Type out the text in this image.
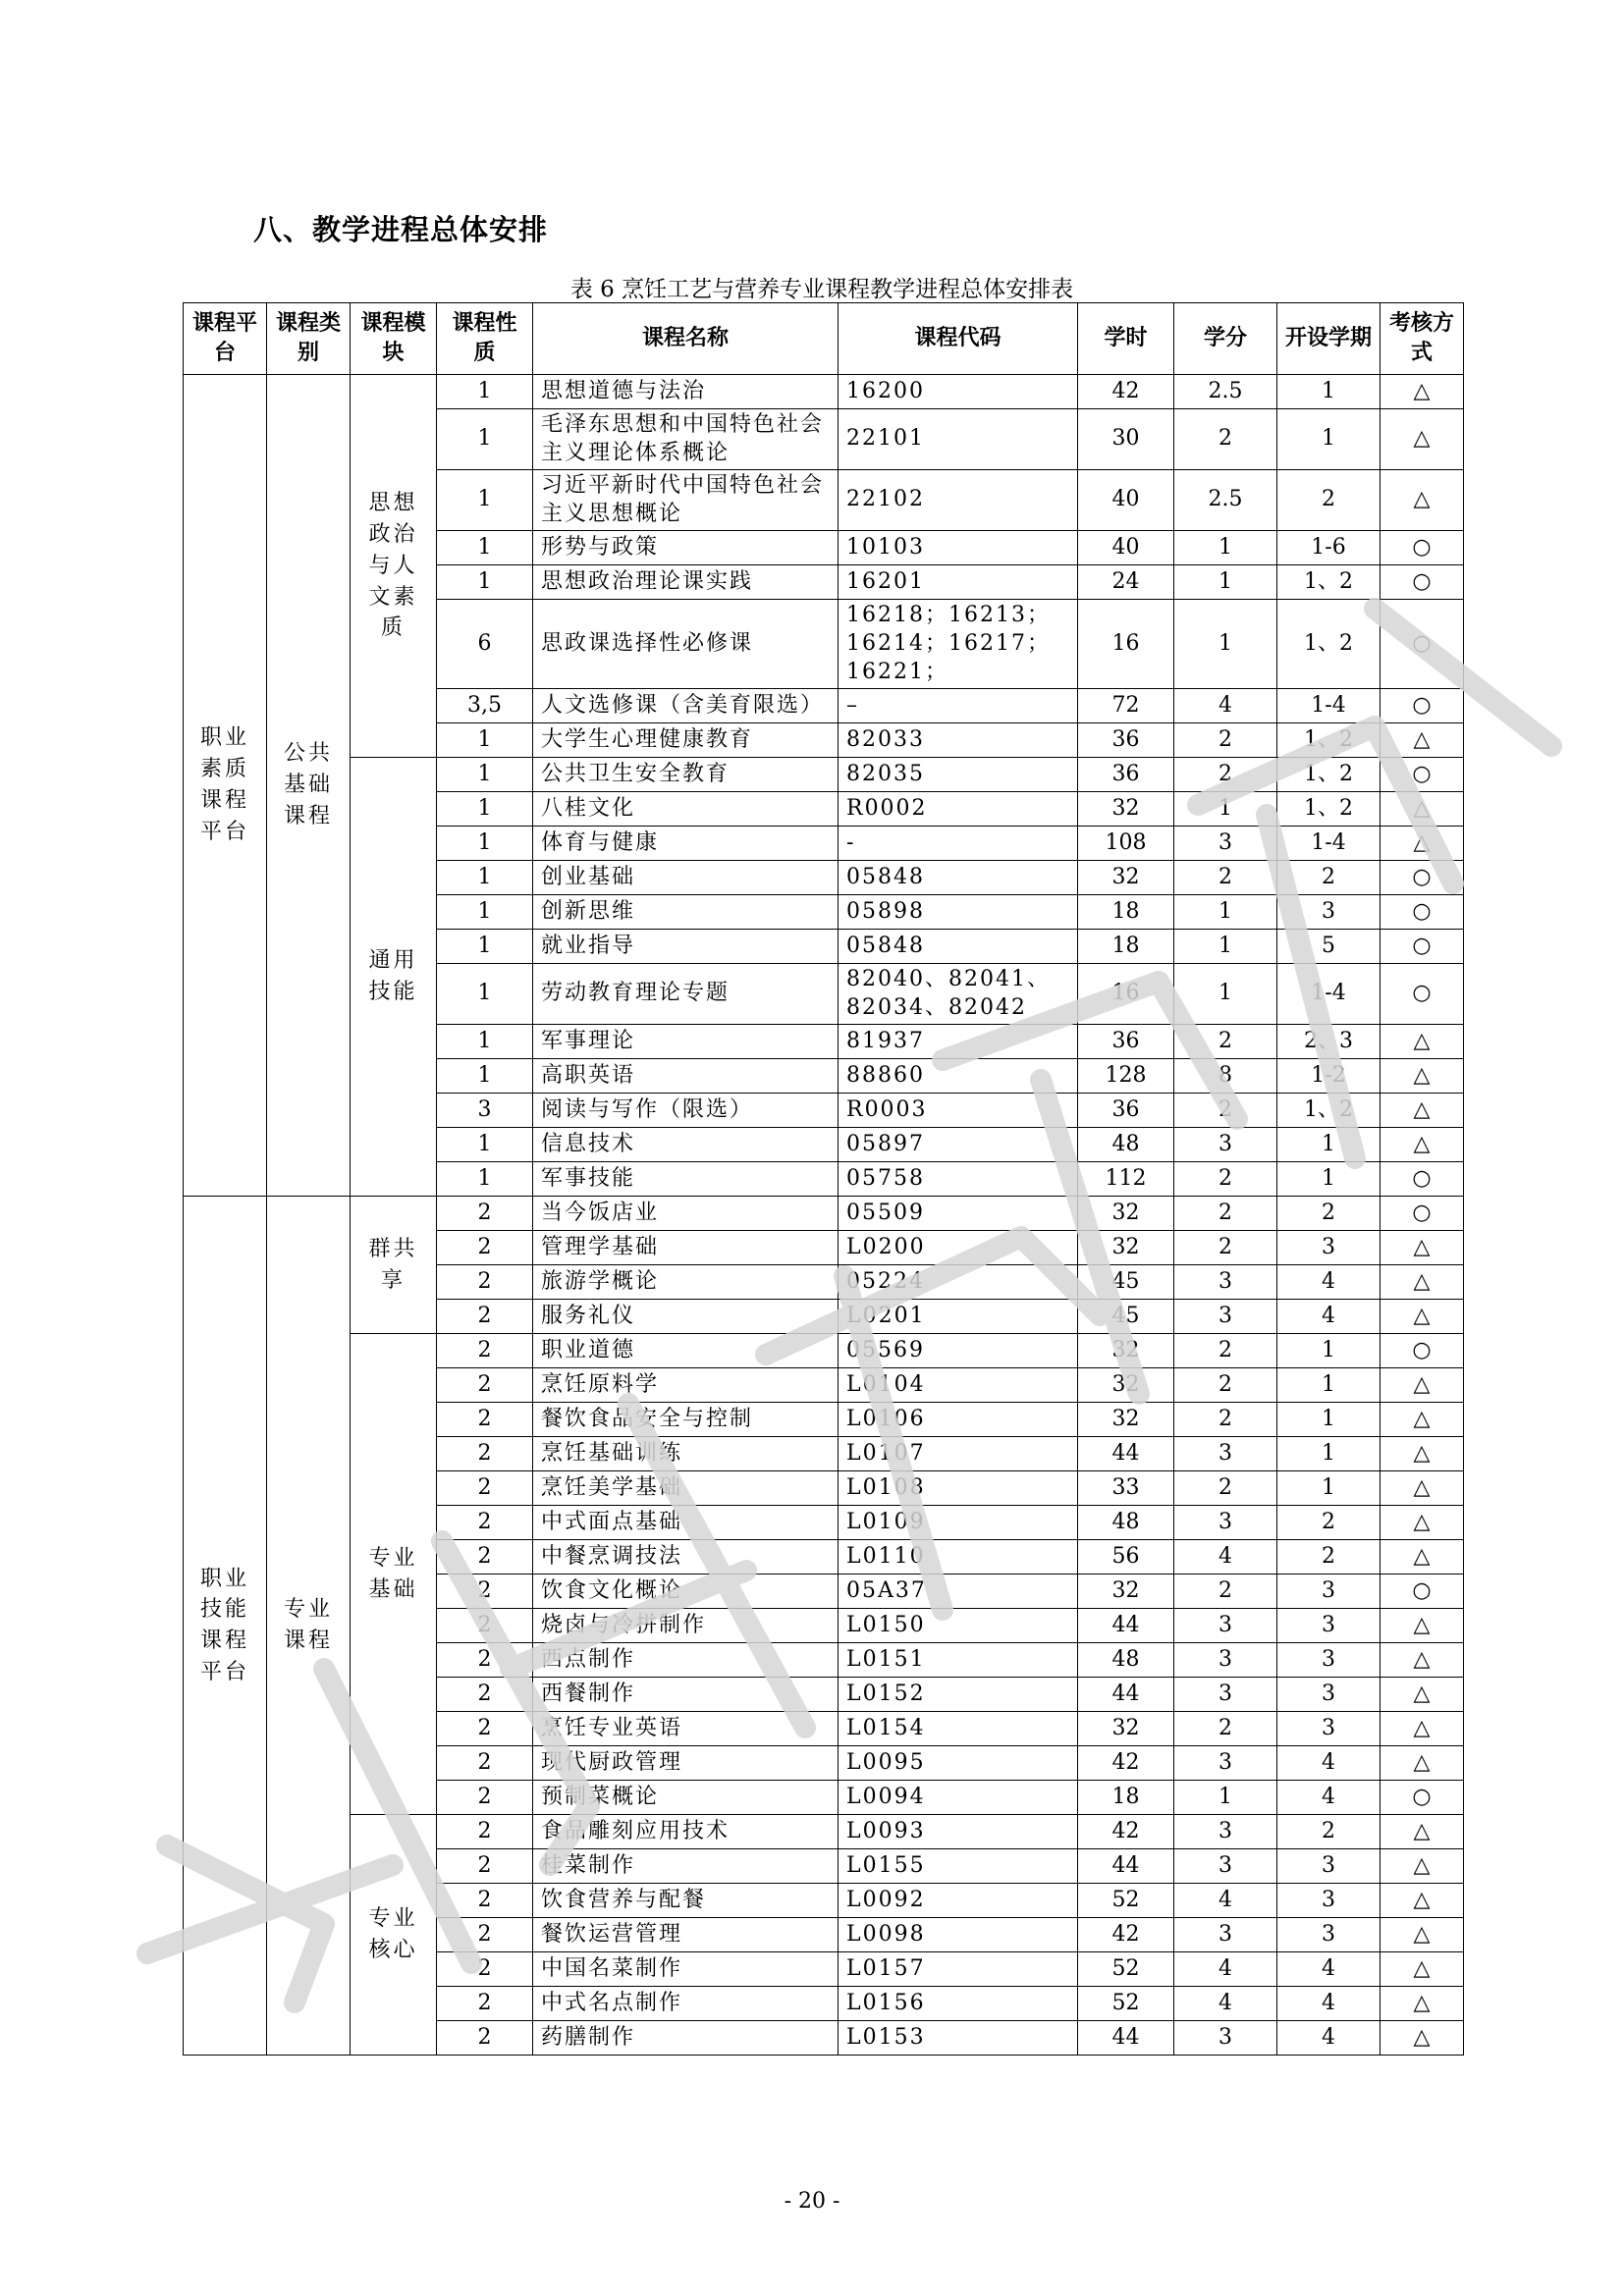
八、教学进程总体安排
表 6 烹饪工艺与营养专业课程教学进程总体安排表
课程平台	课程类别	课程模块	课程性质	课程名称	课程代码	学时	学分	开设学期	考核方式
职业素质课程平台	公共基础课程	思想政治与人文素质	1	思想道德与法治	16200	42	2.5	1	△
			1	毛泽东思想和中国特色社会主义理论体系概论	22101	30	2	1	△
			1	习近平新时代中国特色社会主义思想概论	22102	40	2.5	2	△
			1	形势与政策	10103	40	1	1-6	○
			1	思想政治理论课实践	16201	24	1	1、2	○
			6	思政课选择性必修课	16218；16213；16214；16217；16221；	16	1	1、2	○
			3,5	人文选修课（含美育限选）	–	72	4	1-4	○
			1	大学生心理健康教育	82033	36	2	1、2	△
		通用技能	1	公共卫生安全教育	82035	36	2	1、2	○
			1	八桂文化	R0002	32	1	1、2	△
			1	体育与健康	-	108	3	1-4	△
			1	创业基础	05848	32	2	2	○
			1	创新思维	05898	18	1	3	○
			1	就业指导	05848	18	1	5	○
			1	劳动教育理论专题	82040、82041、82034、82042	16	1	1-4	○
			1	军事理论	81937	36	2	2、3	△
			1	高职英语	88860	128	8	1-2	△
			3	阅读与写作（限选）	R0003	36	2	1、2	△
			1	信息技术	05897	48	3	1	△
			1	军事技能	05758	112	2	1	○
职业技能课程平台	专业课程	群共享	2	当今饭店业	05509	32	2	2	○
			2	管理学基础	L0200	32	2	3	△
			2	旅游学概论	05224	45	3	4	△
			2	服务礼仪	L0201	45	3	4	△
		专业基础	2	职业道德	05569	32	2	1	○
			2	烹饪原料学	L0104	32	2	1	△
			2	餐饮食品安全与控制	L0106	32	2	1	△
			2	烹饪基础训练	L0107	44	3	1	△
			2	烹饪美学基础	L0108	33	2	1	△
			2	中式面点基础	L0109	48	3	2	△
			2	中餐烹调技法	L0110	56	4	2	△
			2	饮食文化概论	05A37	32	2	3	○
			2	烧卤与冷拼制作	L0150	44	3	3	△
			2	西点制作	L0151	48	3	3	△
			2	西餐制作	L0152	44	3	3	△
			2	烹饪专业英语	L0154	32	2	3	△
			2	现代厨政管理	L0095	42	3	4	△
			2	预制菜概论	L0094	18	1	4	○
		专业核心	2	食品雕刻应用技术	L0093	42	3	2	△
			2	桂菜制作	L0155	44	3	3	△
			2	饮食营养与配餐	L0092	52	4	3	△
			2	餐饮运营管理	L0098	42	3	3	△
			2	中国名菜制作	L0157	52	4	4	△
			2	中式名点制作	L0156	52	4	4	△
			2	药膳制作	L0153	44	3	4	△
- 20 -
